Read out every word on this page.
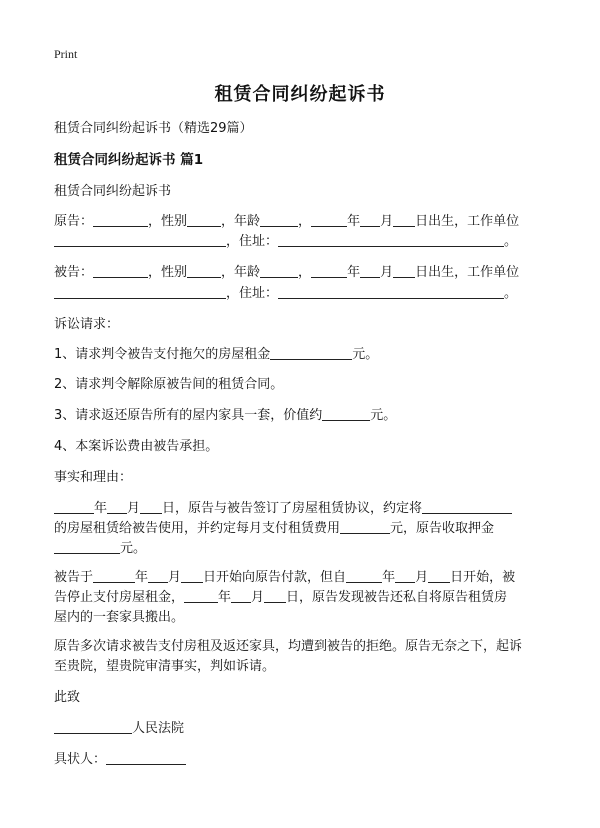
Print
租赁合同纠纷起诉书
租赁合同纠纷起诉书（精选29篇）
租赁合同纠纷起诉书 篇1
租赁合同纠纷起诉书
原告：	，性别	，年龄	，	年 月 日出生，工作单位
，住址：	。
被告：	，性别	，年龄	，	年 月 日出生，工作单位
，住址：	。
诉讼请求：
1、请求判令被告支付拖欠的房屋租金	元。
2、请求判令解除原被告间的租赁合同。
3、请求返还原告所有的屋内家具一套，价值约	元。
4、本案诉讼费由被告承担。
事实和理由：
年 月 日，原告与被告签订了房屋租赁协议，约定将
的房屋租赁给被告使用，并约定每月支付租赁费用	元，原告收取押金
元。
被告于	年 月 日开始向原告付款，但自	年 月 日开始，被
告停止支付房屋租金，	年 月 日，原告发现被告还私自将原告租赁房
屋内的一套家具搬出。
原告多次请求被告支付房租及返还家具，均遭到被告的拒绝。原告无奈之下，起诉
至贵院，望贵院审清事实，判如诉请。
此致
人民法院
具状人：
